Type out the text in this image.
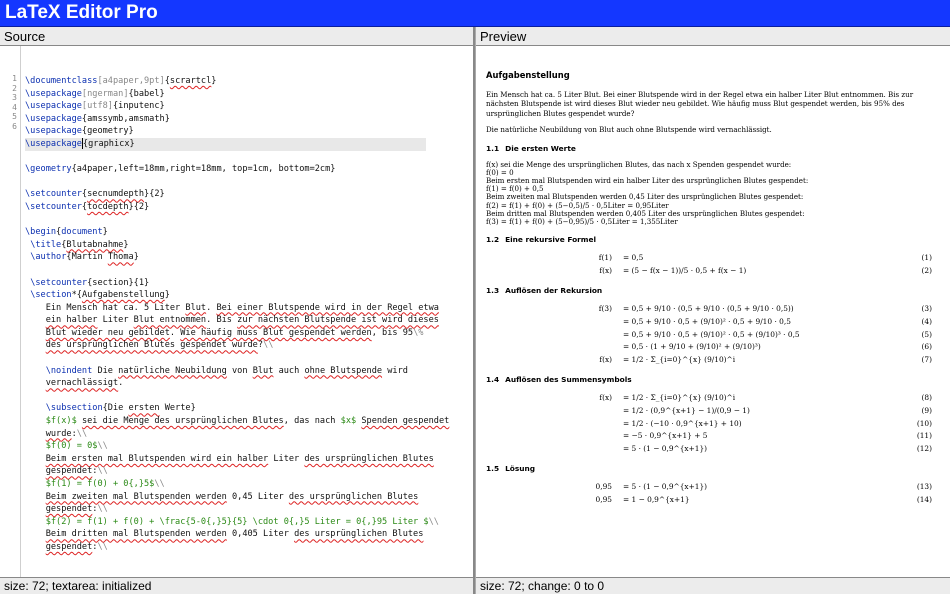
LaTeX Editor Pro
Source
1
2
3
4
5
6
\documentclass[a4paper,9pt]{scrartcl}
\usepackage[ngerman]{babel}
\usepackage[utf8]{inputenc}
\usepackage{amssymb,amsmath}
\usepackage{geometry}
\usepackage{graphicx}

\geometry{a4paper,left=18mm,right=18mm, top=1cm, bottom=2cm}

\setcounter{secnumdepth}{2}
\setcounter{tocdepth}{2}

\begin{document}
\title{Blutabnahme}
\author{Martin Thoma}

\setcounter{section}{1}
\section*{Aufgabenstellung}
Ein Mensch hat ca. 5 Liter Blut. Bei einer Blutspende wird in der Regel etwa
ein halber Liter Blut entnommen. Bis zur nächsten Blutspende ist wird dieses
Blut wieder neu gebildet. Wie häufig muss Blut gespendet werden, bis 95\%
des ursprünglichen Blutes gespendet wurde?\\

\noindent Die natürliche Neubildung von Blut auch ohne Blutspende wird
vernachlässigt.

\subsection{Die ersten Werte}
$f(x)$ sei die Menge des ursprünglichen Blutes, das nach $x$ Spenden gespendet
wurde:\\
$f(0) = 0$\\
Beim ersten mal Blutspenden wird ein halber Liter des ursprünglichen Blutes
gespendet:\\
$f(1) = f(0) + 0{,}5$\\
Beim zweiten mal Blutspenden werden 0,45 Liter des ursprünglichen Blutes
gespendet:\\
$f(2) = f(1) + f(0) + \frac{5-0{,}5}{5} \cdot 0{,}5 Liter = 0{,}95 Liter $\\
Beim dritten mal Blutspenden werden 0,405 Liter des ursprünglichen Blutes
gespendet:\\
size: 72; textarea: initialized
Preview
Aufgabenstellung
Ein Mensch hat ca. 5 Liter Blut. Bei einer Blutspende wird in der Regel etwa ein halber Liter Blut entnommen. Bis zur nächsten Blutspende ist wird dieses Blut wieder neu gebildet. Wie häufig muss Blut gespendet werden, bis 95% des ursprünglichen Blutes gespendet wurde?
Die natürliche Neubildung von Blut auch ohne Blutspende wird vernachlässigt.
1.1 Die ersten Werte
f(x) sei die Menge des ursprünglichen Blutes, das nach x Spenden gespendet wurde:
f(0) = 0
Beim ersten mal Blutspenden wird ein halber Liter des ursprünglichen Blutes gespendet:
f(1) = f(0) + 0,5
Beim zweiten mal Blutspenden werden 0,45 Liter des ursprünglichen Blutes gespendet:
f(2) = f(1) + f(0) + (5−0,5)/5 · 0,5Liter = 0,95Liter
Beim dritten mal Blutspenden werden 0,405 Liter des ursprünglichen Blutes gespendet:
f(3) = f(1) + f(0) + (5−0,95)/5 · 0,5Liter = 1,355Liter
1.2 Eine rekursive Formel
f(1) = 0,5	(1)
f(x) = (5 − f(x − 1))/5 · 0,5 + f(x − 1)	(2)
1.3 Auflösen der Rekursion
f(3) = 0,5 + 9/10 · (0,5 + 9/10 · (0,5 + 9/10 · 0,5))	(3)
= 0,5 + 9/10 · 0,5 + (9/10)² · 0,5 + 9/10 · 0,5	(4)
= 0,5 + 9/10 · 0,5 + (9/10)² · 0,5 + (9/10)³ · 0,5	(5)
= 0,5 · (1 + 9/10 + (9/10)² + (9/10)³)	(6)
f(x) = 1/2 · Σ_{i=0}^{x} (9/10)^i	(7)
1.4 Auflösen des Summensymbols
f(x) = 1/2 · Σ_{i=0}^{x} (9/10)^i	(8)
= 1/2 · (0,9^{x+1} − 1)/(0,9 − 1)	(9)
= 1/2 · (−10 · 0,9^{x+1} + 10)	(10)
= −5 · 0,9^{x+1} + 5	(11)
= 5 · (1 − 0,9^{x+1})	(12)
1.5 Lösung
0,95 = 5 · (1 − 0,9^{x+1})	(13)
0,95 = 1 − 0,9^{x+1}	(14)
size: 72; change: 0 to 0
